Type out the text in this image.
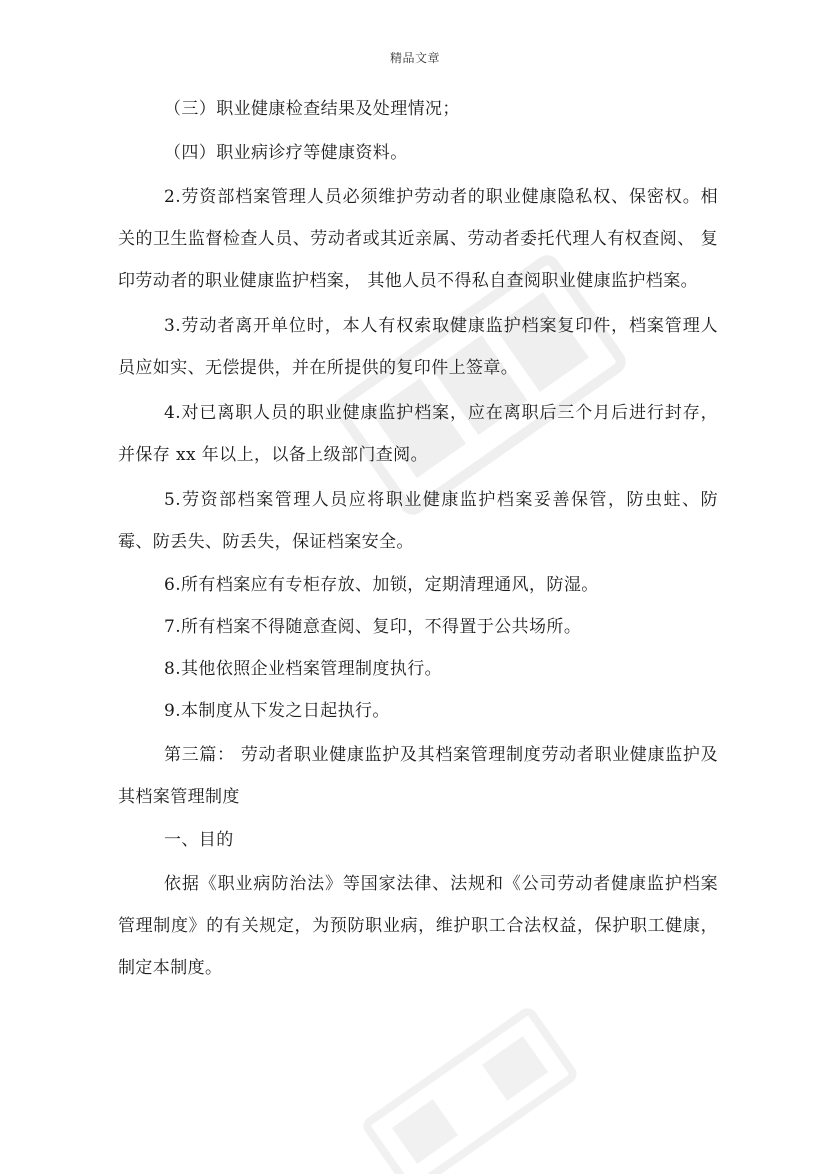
精品文章

（三）职业健康检查结果及处理情况；

（四）职业病诊疗等健康资料。

2.劳资部档案管理人员必须维护劳动者的职业健康隐私权、保密权。相关的卫生监督检查人员、劳动者或其近亲属、劳动者委托代理人有权查阅、 复印劳动者的职业健康监护档案， 其他人员不得私自查阅职业健康监护档案。

3.劳动者离开单位时，本人有权索取健康监护档案复印件，档案管理人员应如实、无偿提供，并在所提供的复印件上签章。

4.对已离职人员的职业健康监护档案，应在离职后三个月后进行封存，并保存 xx 年以上，以备上级部门查阅。

5.劳资部档案管理人员应将职业健康监护档案妥善保管，防虫蛀、防霉、防丢失、防丢失，保证档案安全。

6.所有档案应有专柜存放、加锁，定期清理通风，防湿。

7.所有档案不得随意查阅、复印，不得置于公共场所。

8.其他依照企业档案管理制度执行。

9.本制度从下发之日起执行。

第三篇： 劳动者职业健康监护及其档案管理制度劳动者职业健康监护及其档案管理制度

一、目的

依据《职业病防治法》等国家法律、法规和《公司劳动者健康监护档案管理制度》的有关规定，为预防职业病，维护职工合法权益，保护职工健康，制定本制度。
